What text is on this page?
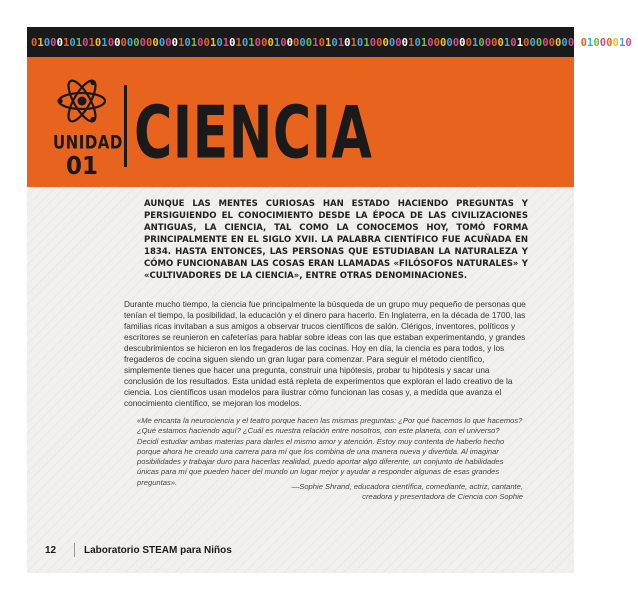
01000101010100000000000101001010101000100000101010101000000101000000010000101000000000010000100
UNIDAD
01 CIENCIA
AUNQUE LAS MENTES CURIOSAS HAN ESTADO HACIENDO PREGUNTAS Y PERSIGUIENDO EL CONOCIMIENTO DESDE LA ÉPOCA DE LAS CIVILIZACIONES ANTIGUAS, LA CIENCIA, TAL COMO LA CONOCEMOS HOY, TOMÓ FORMA PRINCIPALMENTE EN EL SIGLO XVII. LA PALABRA CIENTÍFICO FUE ACUÑADA EN 1834. HASTA ENTONCES, LAS PERSONAS QUE ESTUDIABAN LA NATURALEZA Y CÓMO FUNCIONABAN LAS COSAS ERAN LLAMADAS «FILÓSOFOS NATURALES» Y «CULTIVADORES DE LA CIENCIA», ENTRE OTRAS DENOMINACIONES.
Durante mucho tiempo, la ciencia fue principalmente la búsqueda de un grupo muy pequeño de personas que tenían el tiempo, la posibilidad, la educación y el dinero para hacerlo. En Inglaterra, en la década de 1700, las familias ricas invitaban a sus amigos a observar trucos científicos de salón. Clérigos, inventores, políticos y escritores se reunieron en cafeterías para hablar sobre ideas con las que estaban experimentando, y grandes descubrimientos se hicieron en los fregaderos de las cocinas. Hoy en día, la ciencia es para todos, y los fregaderos de cocina siguen siendo un gran lugar para comenzar. Para seguir el método científico, simplemente tienes que hacer una pregunta, construir una hipótesis, probar tu hipótesis y sacar una conclusión de los resultados. Esta unidad está repleta de experimentos que exploran el lado creativo de la ciencia. Los científicos usan modelos para ilustrar cómo funcionan las cosas y, a medida que avanza el conocimiento científico, se mejoran los modelos.
«Me encanta la neurociencia y el teatro porque hacen las mismas preguntas: ¿Por qué hacemos lo que hacemos?¿Qué estamos haciendo aquí? ¿Cuál es nuestra relación entre nosotros, con este planeta, con el universo? Decidí estudiar ambas materias para darles el mismo amor y atención. Estoy muy contenta de haberlo hecho porque ahora he creado una carrera para mí que los combina de una manera nueva y divertida. Al imaginar posibilidades y trabajar duro para hacerlas realidad, puedo aportar algo diferente, un conjunto de habilidades únicas para mí que pueden hacer del mundo un lugar mejor y ayudar a responder algunas de esas grandes preguntas».	—Sophie Shrand, educadora científica, comediante, actriz, cantante,
creadora y presentadora de Ciencia con Sophie
12	Laboratorio STEAM para Niños
